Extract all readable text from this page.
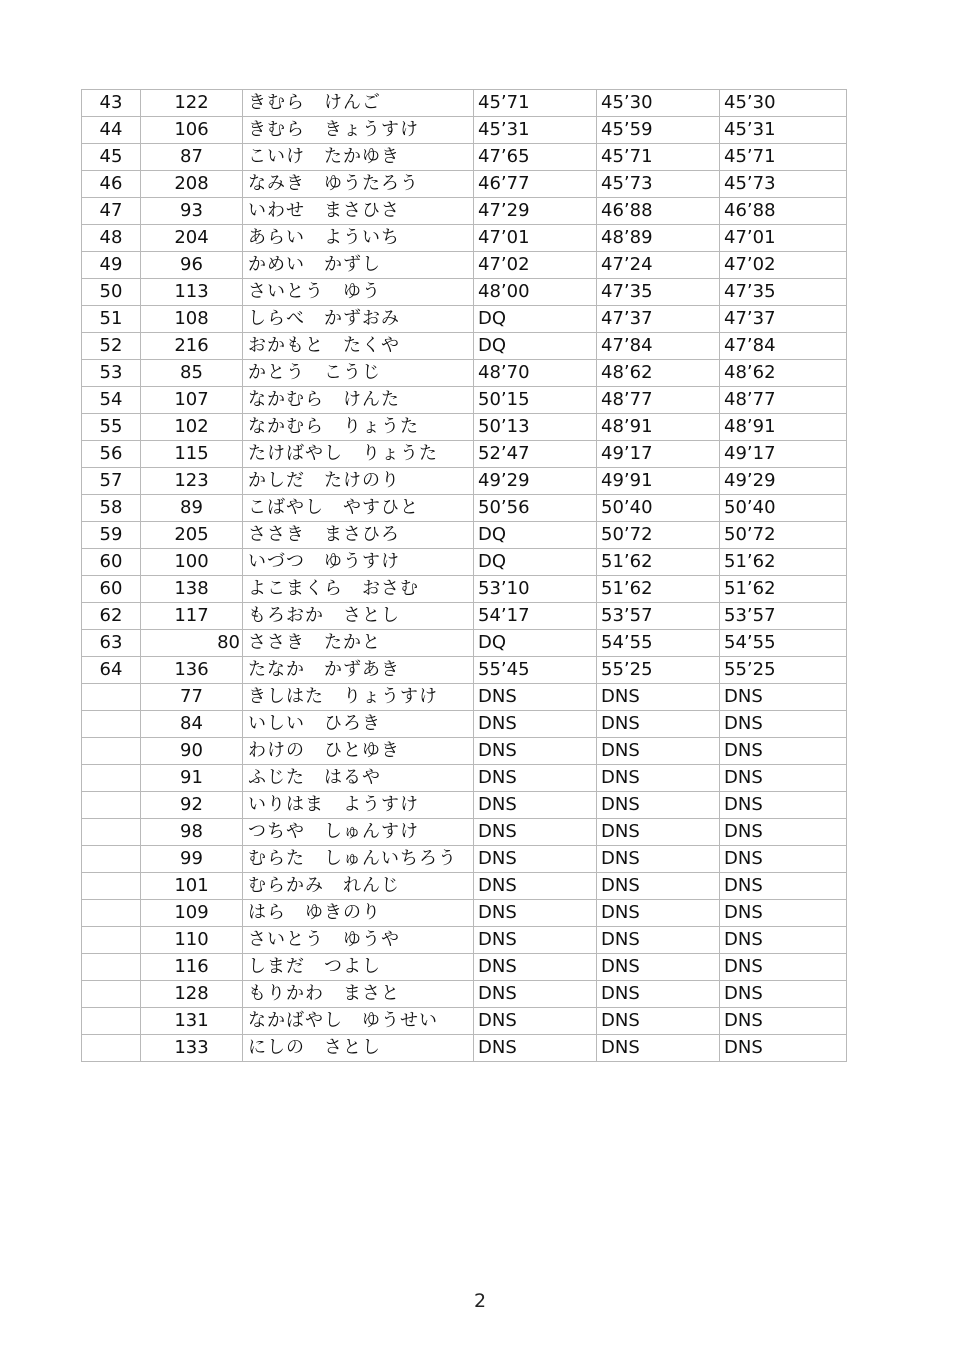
43	122	きむら　けんご	45’71	45’30	45’30
44	106	きむら　きょうすけ	45’31	45’59	45’31
45	87	こいけ　たかゆき	47’65	45’71	45’71
46	208	なみき　ゆうたろう	46’77	45’73	45’73
47	93	いわせ　まさひさ	47’29	46’88	46’88
48	204	あらい　よういち	47’01	48’89	47’01
49	96	かめい　かずし	47’02	47’24	47’02
50	113	さいとう　ゆう	48’00	47’35	47’35
51	108	しらべ　かずおみ	DQ	47’37	47’37
52	216	おかもと　たくや	DQ	47’84	47’84
53	85	かとう　こうじ	48’70	48’62	48’62
54	107	なかむら　けんた	50’15	48’77	48’77
55	102	なかむら　りょうた	50’13	48’91	48’91
56	115	たけばやし　りょうた	52’47	49’17	49’17
57	123	かしだ　たけのり	49’29	49’91	49’29
58	89	こばやし　やすひと	50’56	50’40	50’40
59	205	ささき　まさひろ	DQ	50’72	50’72
60	100	いづつ　ゆうすけ	DQ	51’62	51’62
60	138	よこまくら　おさむ	53’10	51’62	51’62
62	117	もろおか　さとし	54’17	53’57	53’57
63	80	ささき　たかと	DQ	54’55	54’55
64	136	たなか　かずあき	55’45	55’25	55’25
	77	きしはた　りょうすけ	DNS	DNS	DNS
	84	いしい　ひろき	DNS	DNS	DNS
	90	わけの　ひとゆき	DNS	DNS	DNS
	91	ふじた　はるや	DNS	DNS	DNS
	92	いりはま　ようすけ	DNS	DNS	DNS
	98	つちや　しゅんすけ	DNS	DNS	DNS
	99	むらた　しゅんいちろう	DNS	DNS	DNS
	101	むらかみ　れんじ	DNS	DNS	DNS
	109	はら　ゆきのり	DNS	DNS	DNS
	110	さいとう　ゆうや	DNS	DNS	DNS
	116	しまだ　つよし	DNS	DNS	DNS
	128	もりかわ　まさと	DNS	DNS	DNS
	131	なかばやし　ゆうせい	DNS	DNS	DNS
	133	にしの　さとし	DNS	DNS	DNS
2
